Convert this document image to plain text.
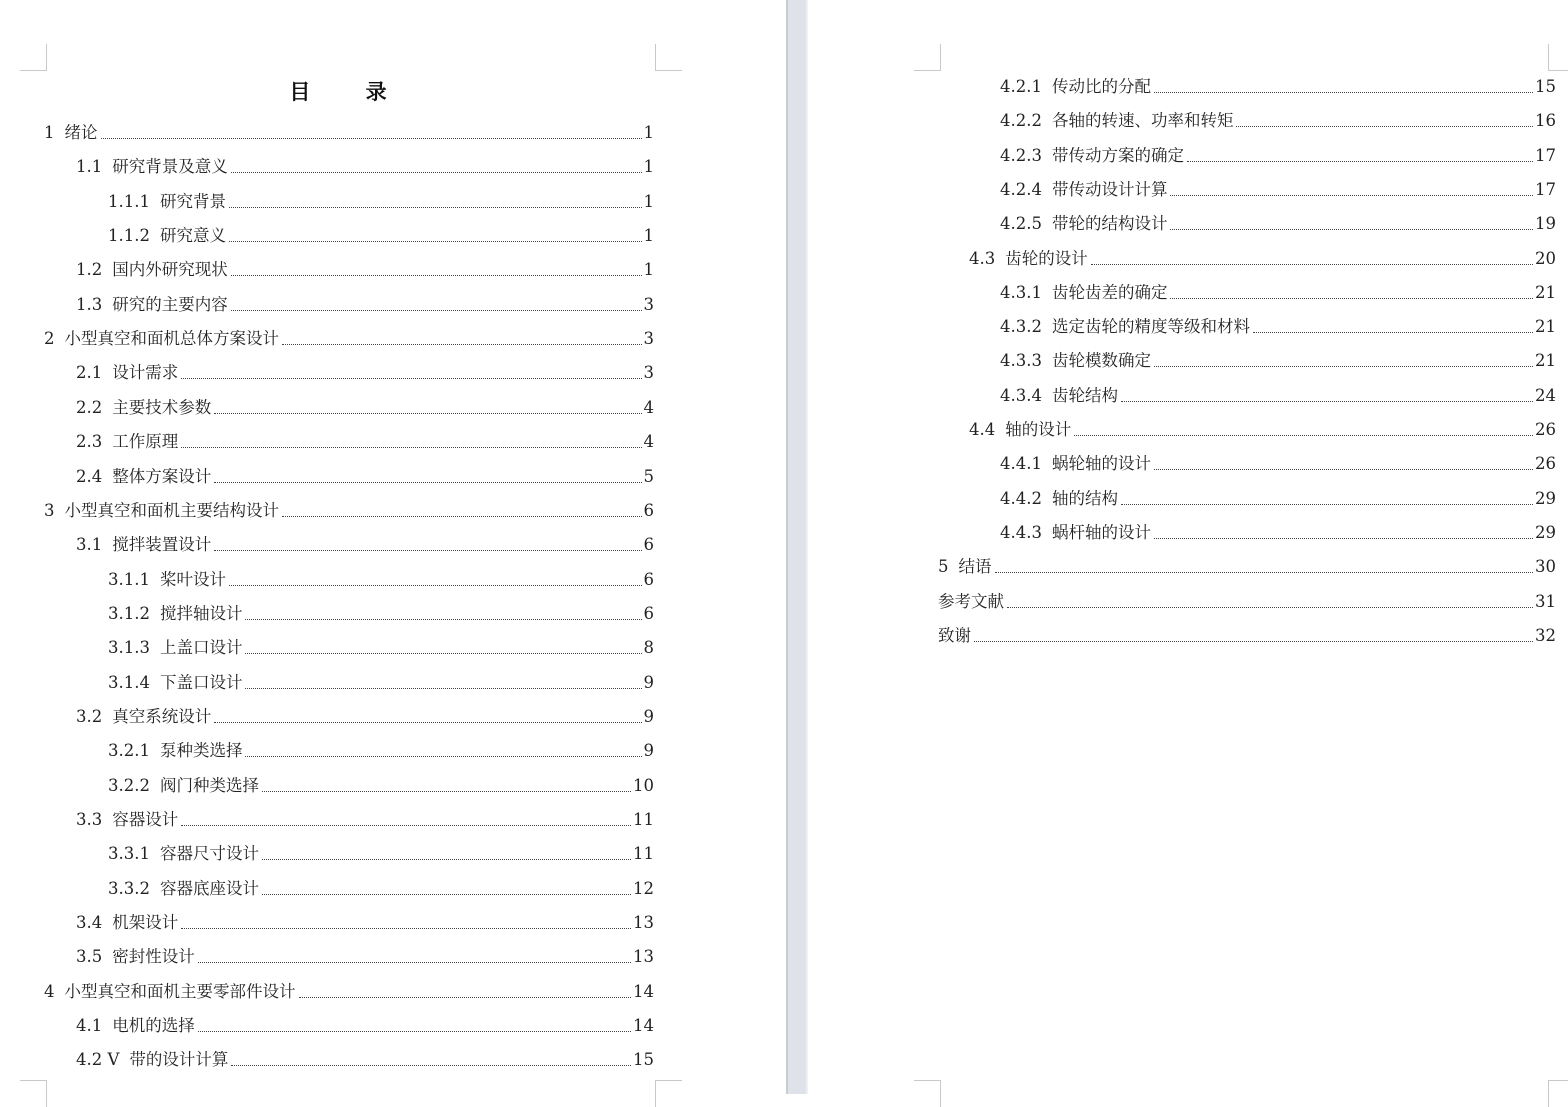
目 录
1 绪论	1
1.1 研究背景及意义	1
1.1.1 研究背景	1
1.1.2 研究意义	1
1.2 国内外研究现状	1
1.3 研究的主要内容	3
2 小型真空和面机总体方案设计	3
2.1 设计需求	3
2.2 主要技术参数	4
2.3 工作原理	4
2.4 整体方案设计	5
3 小型真空和面机主要结构设计	6
3.1 搅拌装置设计	6
3.1.1 桨叶设计	6
3.1.2 搅拌轴设计	6
3.1.3 上盖口设计	8
3.1.4 下盖口设计	9
3.2 真空系统设计	9
3.2.1 泵种类选择	9
3.2.2 阀门种类选择	10
3.3 容器设计	11
3.3.1 容器尺寸设计	11
3.3.2 容器底座设计	12
3.4 机架设计	13
3.5 密封性设计	13
4 小型真空和面机主要零部件设计	14
4.1 电机的选择	14
4.2 V 带的设计计算	15
4.2.1 传动比的分配	15
4.2.2 各轴的转速、功率和转矩	16
4.2.3 带传动方案的确定	17
4.2.4 带传动设计计算	17
4.2.5 带轮的结构设计	19
4.3 齿轮的设计	20
4.3.1 齿轮齿差的确定	21
4.3.2 选定齿轮的精度等级和材料	21
4.3.3 齿轮模数确定	21
4.3.4 齿轮结构	24
4.4 轴的设计	26
4.4.1 蜗轮轴的设计	26
4.4.2 轴的结构	29
4.4.3 蜗杆轴的设计	29
5 结语	30
参考文献	31
致谢	32
